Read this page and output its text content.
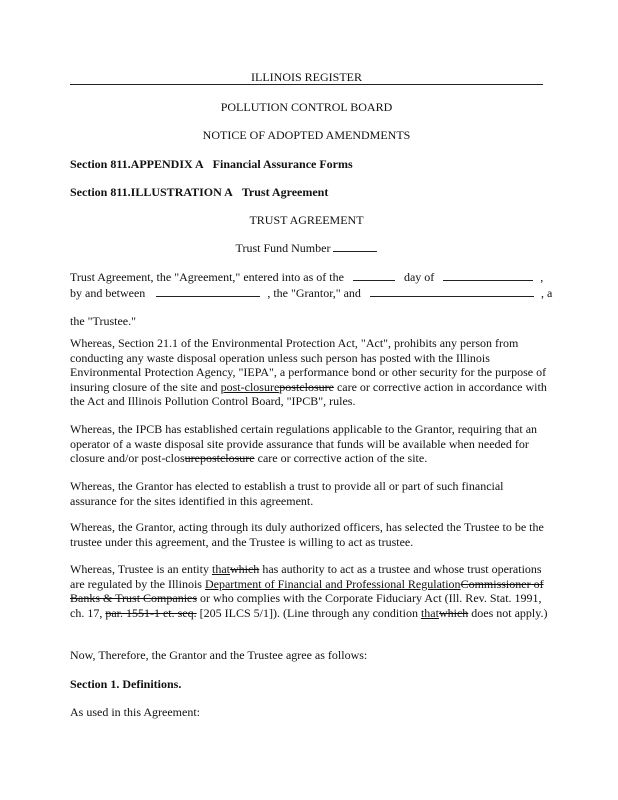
ILLINOIS REGISTER
POLLUTION CONTROL BOARD
NOTICE OF ADOPTED AMENDMENTS
Section 811.APPENDIX A Financial Assurance Forms
Section 811.ILLUSTRATION A Trust Agreement
TRUST AGREEMENT
Trust Fund Number
Trust Agreement, the "Agreement," entered into as of the	day of	,
by and between	, the "Grantor," and	, a
the "Trustee."
Whereas, Section 21.1 of the Environmental Protection Act, "Act", prohibits any person from conducting any waste disposal operation unless such person has posted with the Illinois Environmental Protection Agency, "IEPA", a performance bond or other security for the purpose of insuring closure of the site and post-closurepostclosure care or corrective action in accordance with the Act and Illinois Pollution Control Board, "IPCB", rules.
Whereas, the IPCB has established certain regulations applicable to the Grantor, requiring that an operator of a waste disposal site provide assurance that funds will be available when needed for closure and/or post-closurepostclosure care or corrective action of the site.
Whereas, the Grantor has elected to establish a trust to provide all or part of such financial assurance for the sites identified in this agreement.
Whereas, the Grantor, acting through its duly authorized officers, has selected the Trustee to be the trustee under this agreement, and the Trustee is willing to act as trustee.
Whereas, Trustee is an entity thatwhich has authority to act as a trustee and whose trust operations are regulated by the Illinois Department of Financial and Professional RegulationCommissioner of Banks & Trust Companies or who complies with the Corporate Fiduciary Act (Ill. Rev. Stat. 1991, ch. 17, par. 1551-1 et. seq. [205 ILCS 5/1]). (Line through any condition thatwhich does not apply.)
Now, Therefore, the Grantor and the Trustee agree as follows:
Section 1. Definitions.
As used in this Agreement:
